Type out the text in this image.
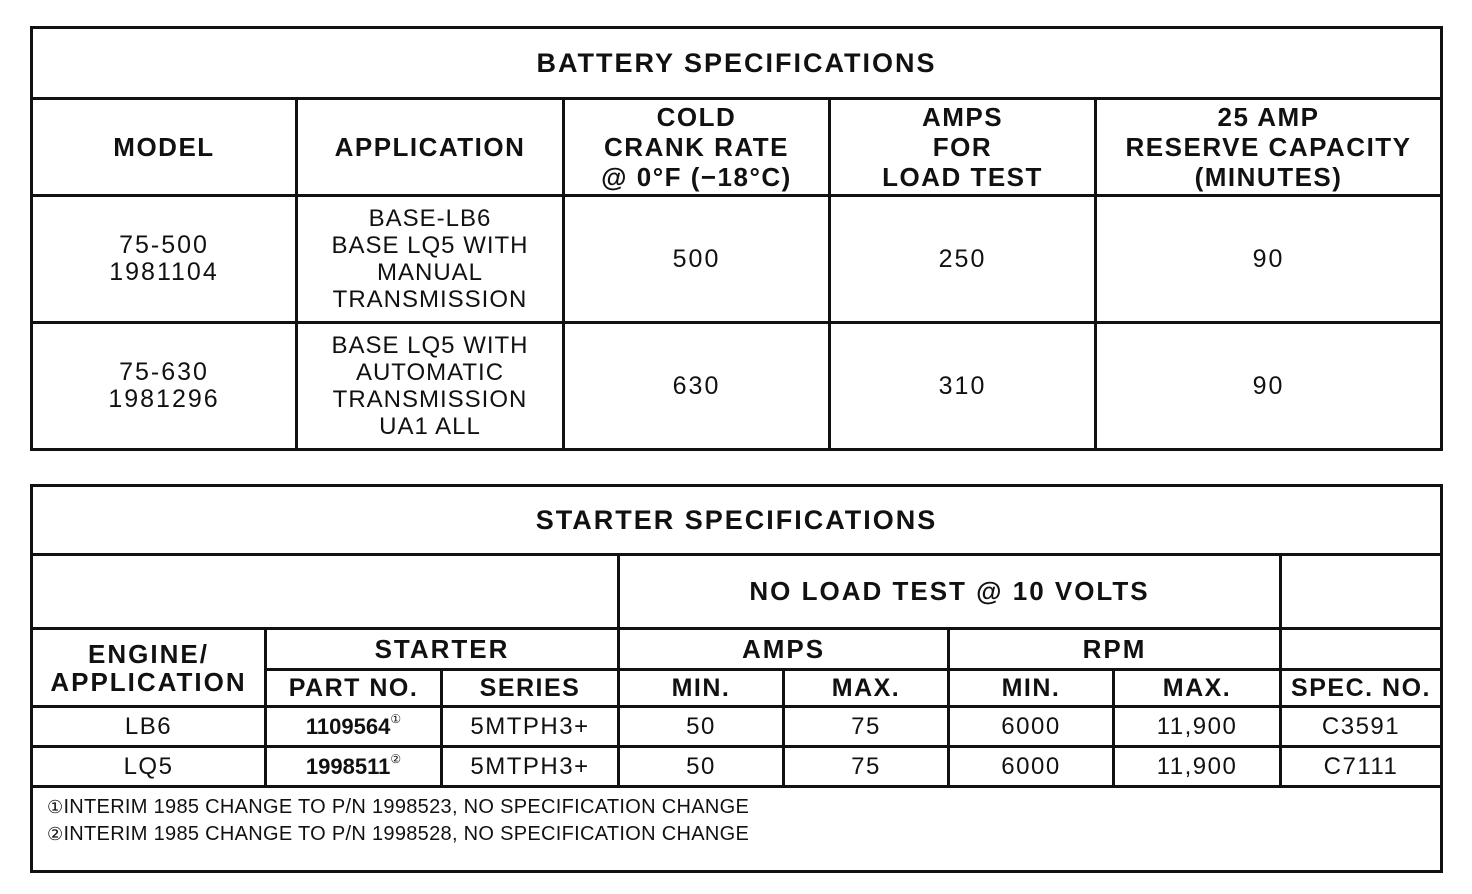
BATTERY SPECIFICATIONS				
MODEL	APPLICATION	COLD
CRANK RATE
@ 0°F (−18°C)	AMPS
FOR
LOAD TEST	25 AMP
RESERVE CAPACITY
(MINUTES)
75-500
1981104	BASE-LB6
BASE LQ5 WITH
MANUAL
TRANSMISSION	500	250	90
75-630
1981296	BASE LQ5 WITH
AUTOMATIC
TRANSMISSION
UA1 ALL	630	310	90
STARTER SPECIFICATIONS							
			NO LOAD TEST @ 10 VOLTS				
ENGINE/
APPLICATION	STARTER		AMPS		RPM		
	PART NO.	SERIES	MIN.	MAX.	MIN.	MAX.	SPEC. NO.
LB6	1109564①	5MTPH3+	50	75	6000	11,900	C3591
LQ5	1998511②	5MTPH3+	50	75	6000	11,900	C7111

①INTERIM 1985 CHANGE TO P/N 1998523, NO SPECIFICATION CHANGE
②INTERIM 1985 CHANGE TO P/N 1998528, NO SPECIFICATION CHANGE							
